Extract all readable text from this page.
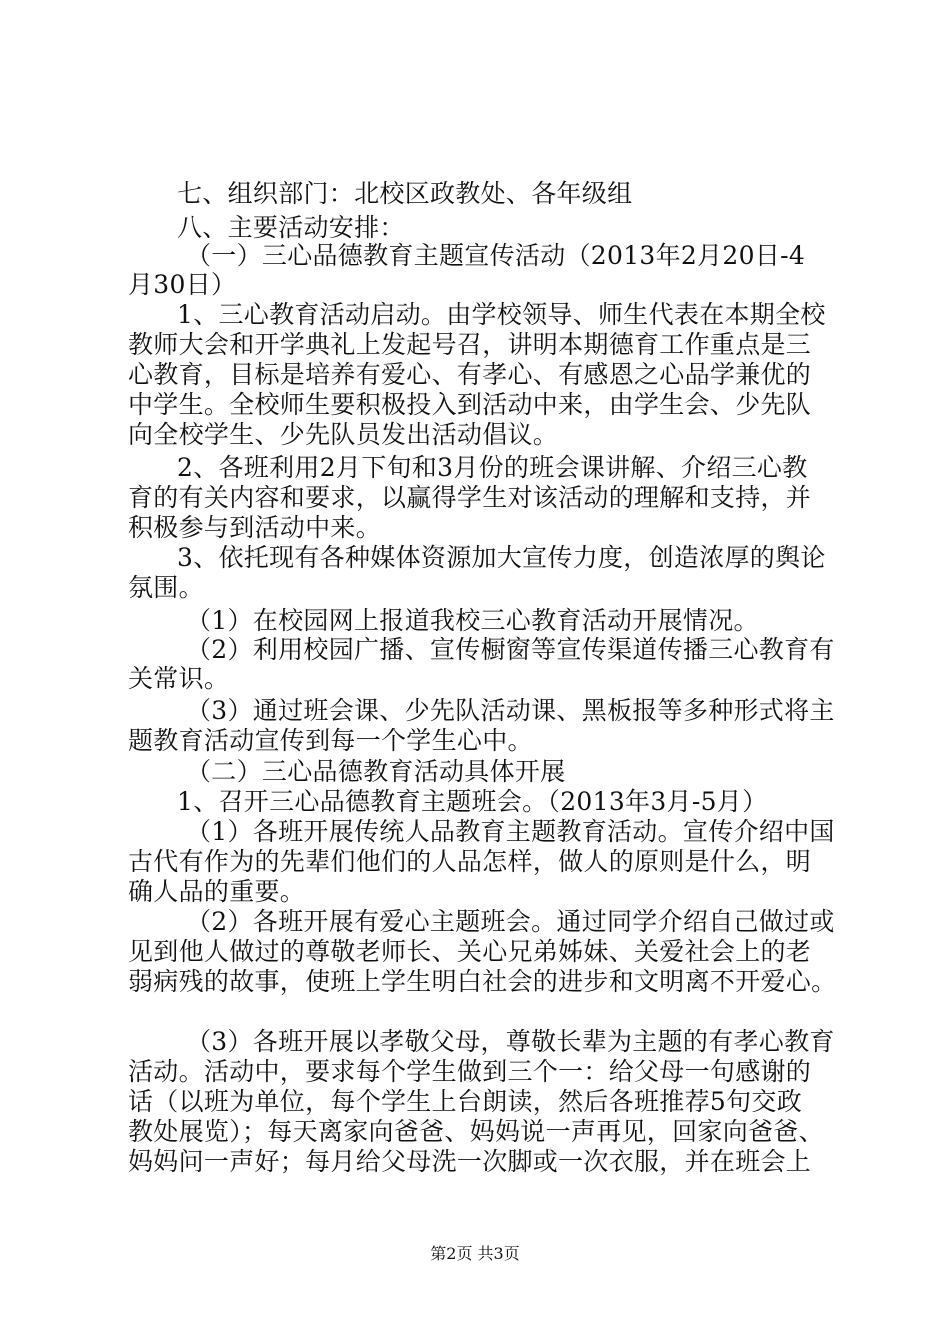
七、组织部门：北校区政教处、各年级组

八、主要活动安排：

（一）三心品德教育主题宣传活动（2013年2月20日-4

月30日）

1、三心教育活动启动。由学校领导、师生代表在本期全校

教师大会和开学典礼上发起号召，讲明本期德育工作重点是三

心教育，目标是培养有爱心、有孝心、有感恩之心品学兼优的

中学生。全校师生要积极投入到活动中来，由学生会、少先队

向全校学生、少先队员发出活动倡议。

2、各班利用2月下旬和3月份的班会课讲解、介绍三心教

育的有关内容和要求，以赢得学生对该活动的理解和支持，并

积极参与到活动中来。

3、依托现有各种媒体资源加大宣传力度，创造浓厚的舆论

氛围。

（1）在校园网上报道我校三心教育活动开展情况。

（2）利用校园广播、宣传橱窗等宣传渠道传播三心教育有

关常识。

（3）通过班会课、少先队活动课、黑板报等多种形式将主

题教育活动宣传到每一个学生心中。

（二）三心品德教育活动具体开展

1、召开三心品德教育主题班会。（2013年3月-5月）

（1）各班开展传统人品教育主题教育活动。宣传介绍中国

古代有作为的先辈们他们的人品怎样，做人的原则是什么，明

确人品的重要。

（2）各班开展有爱心主题班会。通过同学介绍自己做过或

见到他人做过的尊敬老师长、关心兄弟姊妹、关爱社会上的老

弱病残的故事，使班上学生明白社会的进步和文明离不开爱心。

（3）各班开展以孝敬父母，尊敬长辈为主题的有孝心教育

活动。活动中，要求每个学生做到三个一：给父母一句感谢的

话（以班为单位，每个学生上台朗读，然后各班推荐5句交政

教处展览）；每天离家向爸爸、妈妈说一声再见，回家向爸爸、

妈妈问一声好；每月给父母洗一次脚或一次衣服，并在班会上

第2页 共3页
